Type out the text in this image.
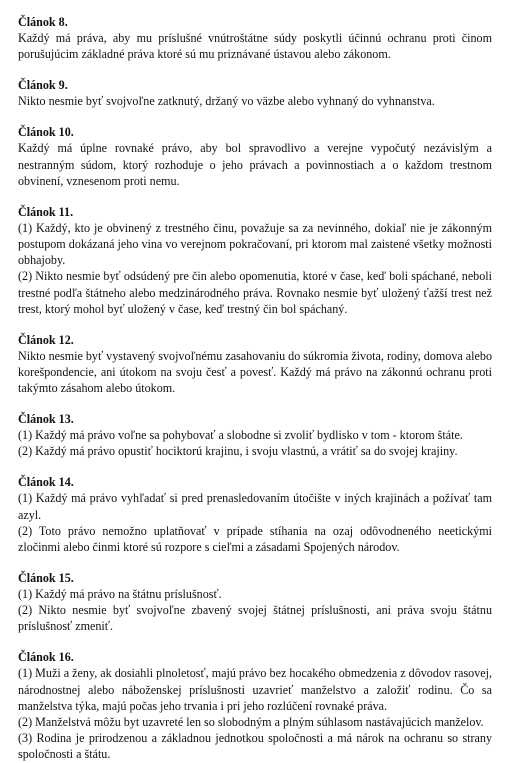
Článok 8.

Každý má práva, aby mu príslušné vnútroštátne súdy poskytli účinnú ochranu proti činom porušujúcim základné práva ktoré sú mu priznávané ústavou alebo zákonom.

Článok 9.

Nikto nesmie byť svojvoľne zatknutý, držaný vo väzbe alebo vyhnaný do vyhnanstva.

Článok 10.

Každý má úplne rovnaké právo, aby bol spravodlivo a verejne vypočutý nezávislým a nestranným súdom, ktorý rozhoduje o jeho právach a povinnostiach a o každom trestnom obvinení, vznesenom proti nemu.

Článok 11.

(1) Každý, kto je obvinený z trestného činu, považuje sa za nevinného, dokiaľ nie je zákonným postupom dokázaná jeho vina vo verejnom pokračovaní, pri ktorom mal zaistené všetky možnosti obhajoby.

(2) Nikto nesmie byť odsúdený pre čin alebo opomenutia, ktoré v čase, keď boli spáchané, neboli trestné podľa štátneho alebo medzinárodného práva. Rovnako nesmie byť uložený ťažší trest než trest, ktorý mohol byť uložený v čase, keď trestný čin bol spáchaný.

Článok 12.

Nikto nesmie byť vystavený svojvoľnému zasahovaniu do súkromia života, rodiny, domova alebo korešpondencie, ani útokom na svoju česť a povesť. Každý má právo na zákonnú ochranu proti takýmto zásahom alebo útokom.

Článok 13.

(1) Každý má právo voľne sa pohybovať a slobodne si zvoliť bydlisko v tom - ktorom štáte.

(2) Každý má právo opustiť hociktorú krajinu, i svoju vlastnú, a vrátiť sa do svojej krajiny.

Článok 14.

(1) Každý má právo vyhľadať si pred prenasledovaním útočište v iných krajinách a požívať tam azyl.

(2) Toto právo nemožno uplatňovať v prípade stíhania na ozaj odôvodneného neetickými zločinmi alebo činmi ktoré sú rozpore s cieľmi a zásadami Spojených národov.

Článok 15.

(1) Každý má právo na štátnu príslušnosť.

(2) Nikto nesmie byť svojvoľne zbavený svojej štátnej príslušnosti, ani práva svoju štátnu príslušnosť zmeniť.

Článok 16.

(1) Muži a ženy, ak dosiahli plnoletosť, majú právo bez hocakého obmedzenia z dôvodov rasovej, národnostnej alebo náboženskej príslušnosti uzavrieť manželstvo a založiť rodinu. Čo sa manželstva týka, majú počas jeho trvania i pri jeho rozlúčení rovnaké práva.

(2) Manželstvá môžu byt uzavreté len so slobodným a plným súhlasom nastávajúcich manželov.

(3) Rodina je prirodzenou a základnou jednotkou spoločnosti a má nárok na ochranu so strany spoločnosti a štátu.
